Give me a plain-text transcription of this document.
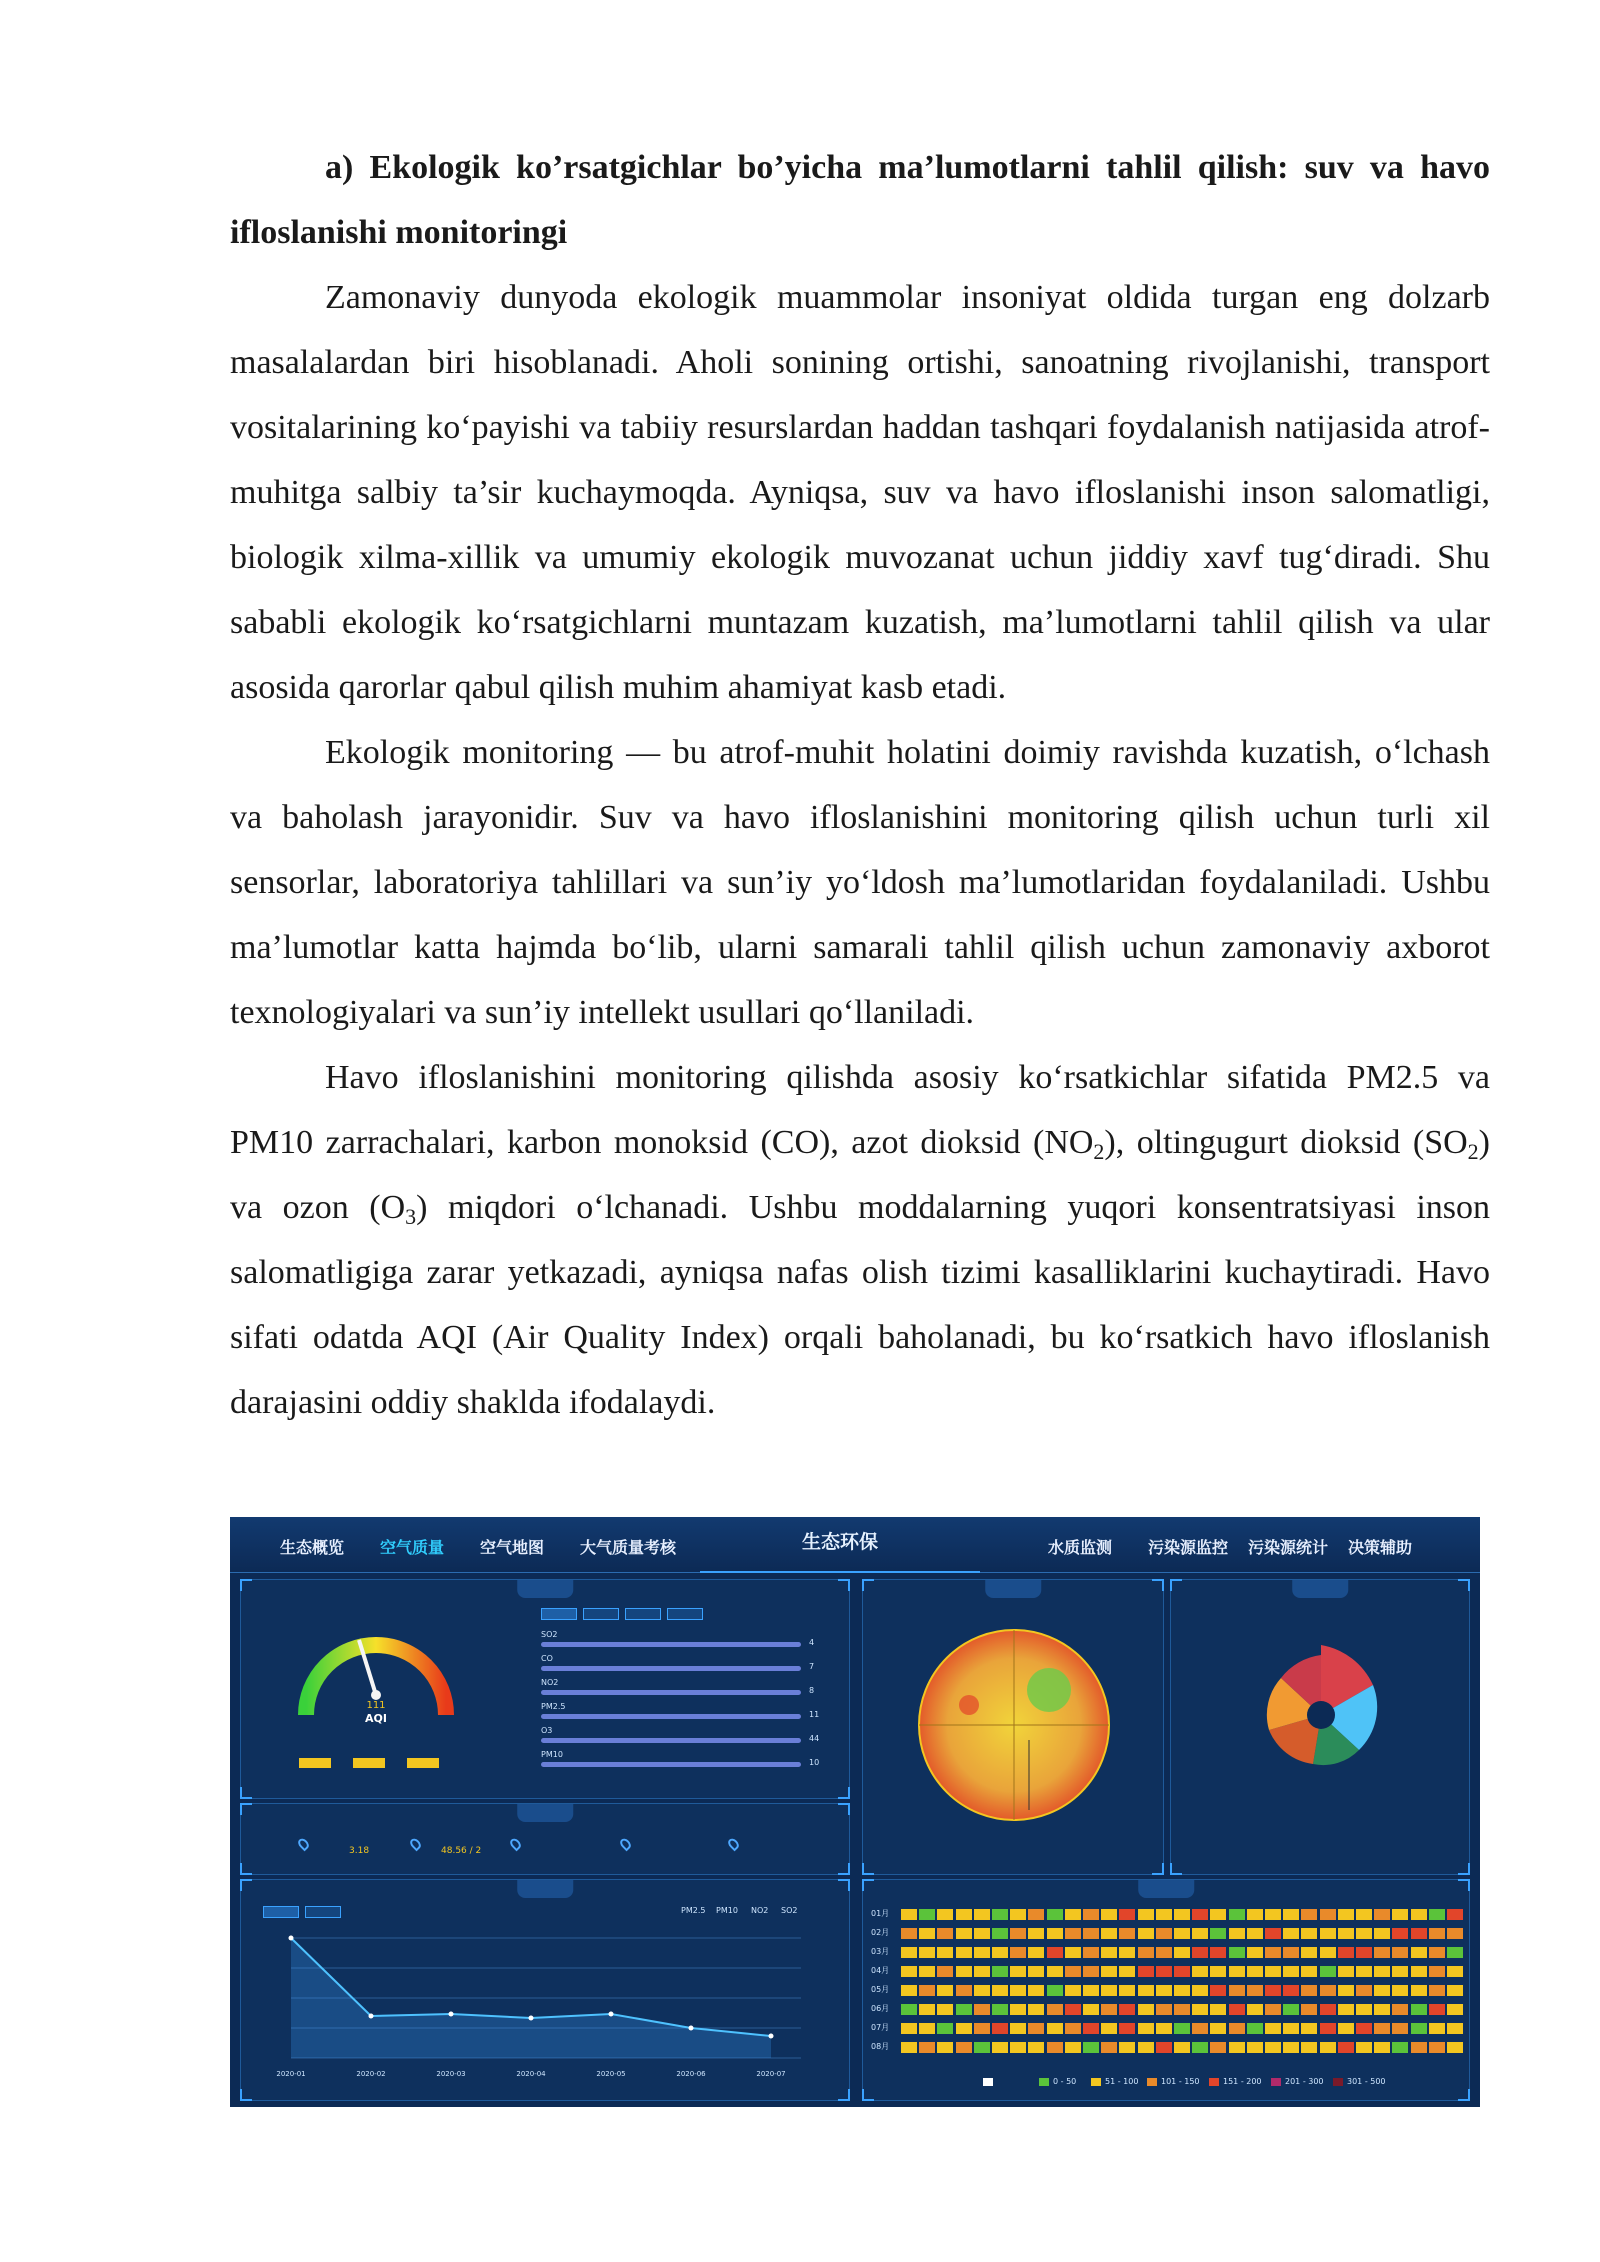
a) Ekologik ko’rsatgichlar bo’yicha ma’lumotlarni tahlil qilish: suv va havo ifloslanishi monitoringi

Zamonaviy dunyoda ekologik muammolar insoniyat oldida turgan eng dolzarb masalalardan biri hisoblanadi. Aholi sonining ortishi, sanoatning rivojlanishi, transport vositalarining ko‘payishi va tabiiy resurslardan haddan tashqari foydalanish natijasida atrof-muhitga salbiy ta’sir kuchaymoqda. Ayniqsa, suv va havo ifloslanishi inson salomatligi, biologik xilma-xillik va umumiy ekologik muvozanat uchun jiddiy xavf tug‘diradi. Shu sababli ekologik ko‘rsatgichlarni muntazam kuzatish, ma’lumotlarni tahlil qilish va ular asosida qarorlar qabul qilish muhim ahamiyat kasb etadi.

Ekologik monitoring — bu atrof-muhit holatini doimiy ravishda kuzatish, o‘lchash va baholash jarayonidir. Suv va havo ifloslanishini monitoring qilish uchun turli xil sensorlar, laboratoriya tahlillari va sun’iy yo‘ldosh ma’lumotlaridan foydalaniladi. Ushbu ma’lumotlar katta hajmda bo‘lib, ularni samarali tahlil qilish uchun zamonaviy axborot texnologiyalari va sun’iy intellekt usullari qo‘llaniladi.

Havo ifloslanishini monitoring qilishda asosiy ko‘rsatkichlar sifatida PM2.5 va PM10 zarrachalari, karbon monoksid (CO), azot dioksid $(NO_2)$, oltingugurt dioksid $(SO_2)$ va ozon $(O_3)$ miqdori o‘lchanadi. Ushbu moddalarning yuqori konsentratsiyasi inson salomatligiga zarar yetkazadi, ayniqsa nafas olish tizimi kasalliklarini kuchaytiradi. Havo sifati odatda AQI (Air Quality Index) orqali baholanadi, bu ko‘rsatkich havo ifloslanish darajasini oddiy shaklda ifodalaydi.

生态概览 空气质量 空气地图 大气质量考核	生态环保	水质监测 污染源监控 污染源统计 决策辅助

111
AQI
SO2
4
CO
7
NO2
8
PM2.5
11
O3
44
PM10
10

3.18	48.56 / 2

PM2.5 PM10 NO2 SO2
2020-01	2020-02	2020-03	2020-04	2020-05	2020-06	2020-07

01月
02月
03月
04月
05月
06月
07月
08月
0 - 50	51 - 100	101 - 150	151 - 200	201 - 300	301 - 500
